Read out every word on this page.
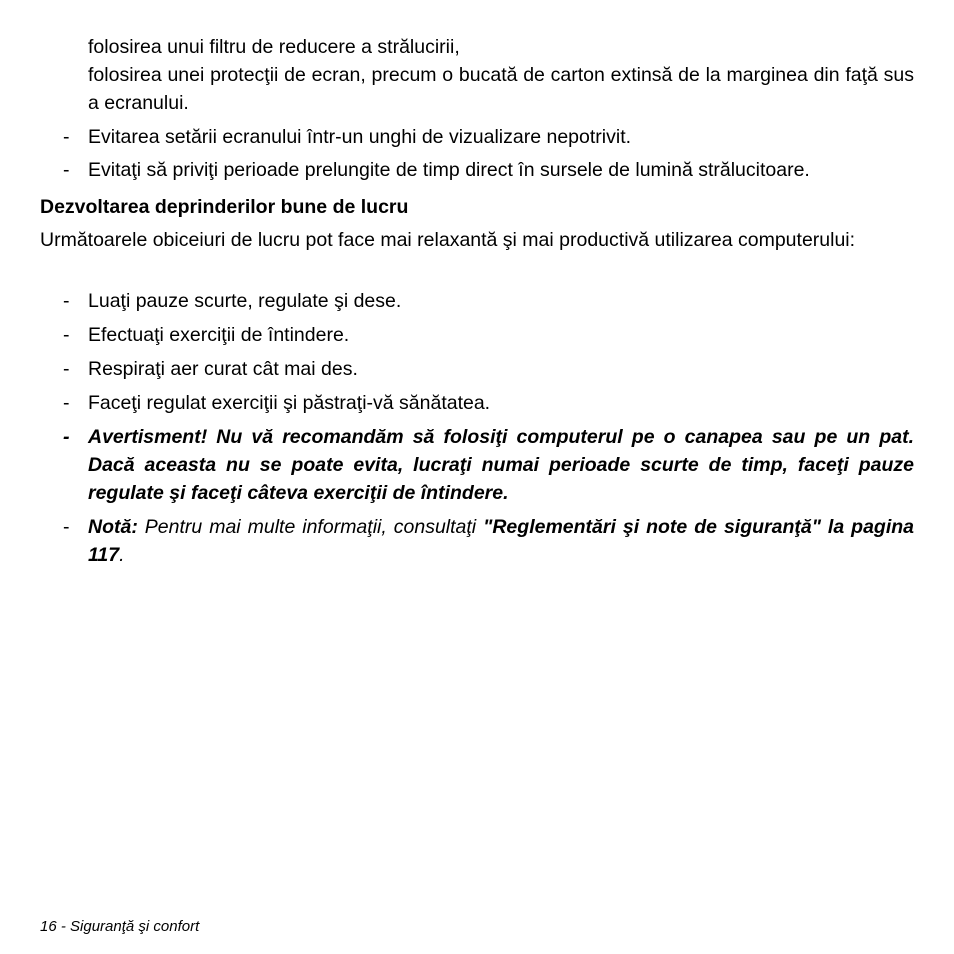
folosirea unui filtru de reducere a strălucirii,

folosirea unei protecţii de ecran, precum o bucată de carton extinsă de la marginea din faţă sus a ecranului.

- Evitarea setării ecranului într-un unghi de vizualizare nepotrivit.
- Evitaţi să priviţi perioade prelungite de timp direct în sursele de lumină strălucitoare.
Dezvoltarea deprinderilor bune de lucru

Următoarele obiceiuri de lucru pot face mai relaxantă şi mai productivă utilizarea computerului:

- Luaţi pauze scurte, regulate şi dese.
- Efectuaţi exerciţii de întindere.
- Respiraţi aer curat cât mai des.
- Faceţi regulat exerciţii şi păstraţi-vă sănătatea.
- Avertisment! Nu vă recomandăm să folosiţi computerul pe o canapea sau pe un pat. Dacă aceasta nu se poate evita, lucraţi numai perioade scurte de timp, faceţi pauze regulate şi faceţi câteva exerciţii de întindere.
- Notă: Pentru mai multe informaţii, consultaţi "Reglementări şi note de siguranţă" la pagina 117.
16 - Siguranţă şi confort
